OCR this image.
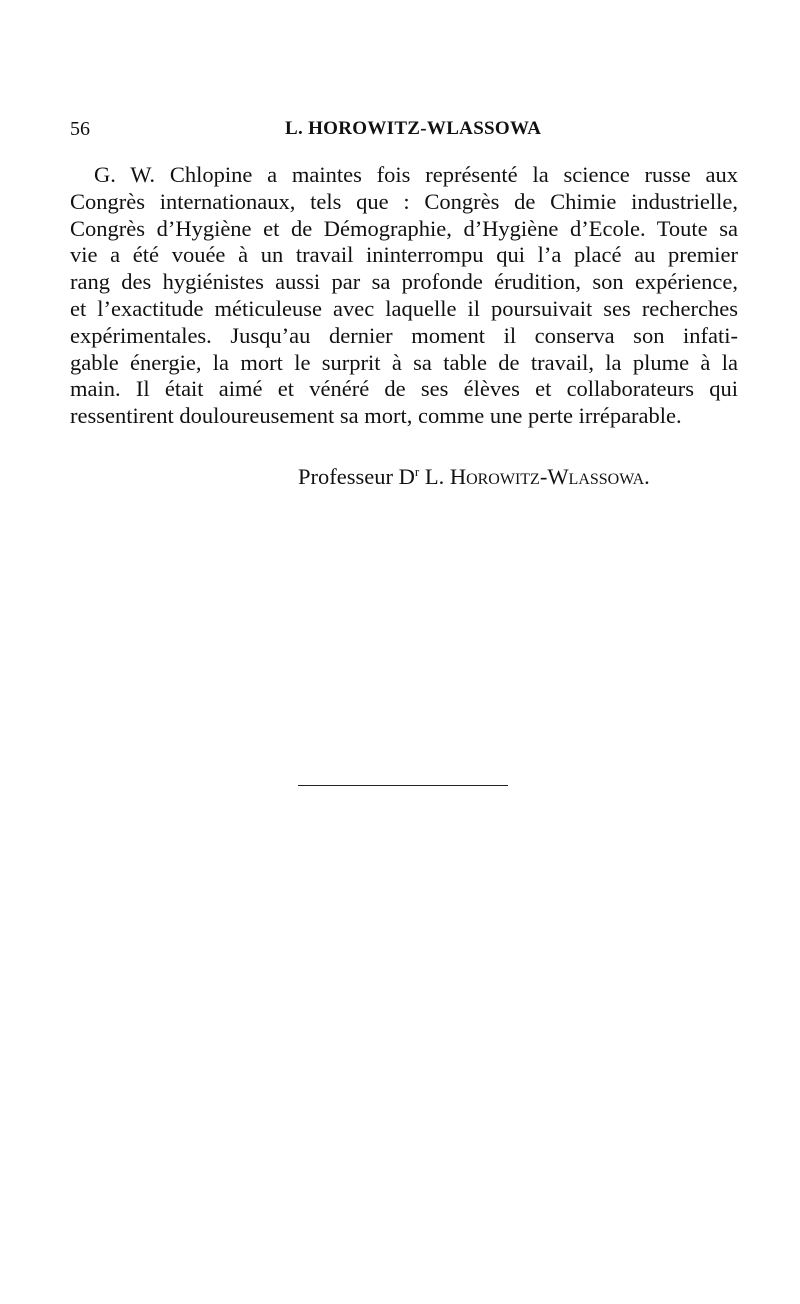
56	L. HOROWITZ-WLASSOWA
G. W. Chlopine a maintes fois représenté la science russe aux
Congrès internationaux, tels que : Congrès de Chimie industrielle,
Congrès d’Hygiène et de Démographie, d’Hygiène d’Ecole. Toute sa
vie a été vouée à un travail ininterrompu qui l’a placé au premier
rang des hygiénistes aussi par sa profonde érudition, son expérience,
et l’exactitude méticuleuse avec laquelle il poursuivait ses recherches
expérimentales. Jusqu’au dernier moment il conserva son infati-
gable énergie, la mort le surprit à sa table de travail, la plume à la
main. Il était aimé et vénéré de ses élèves et collaborateurs qui
ressentirent douloureusement sa mort, comme une perte irréparable.
Professeur $D^r$ L. Horowitz-Wlassowa.
